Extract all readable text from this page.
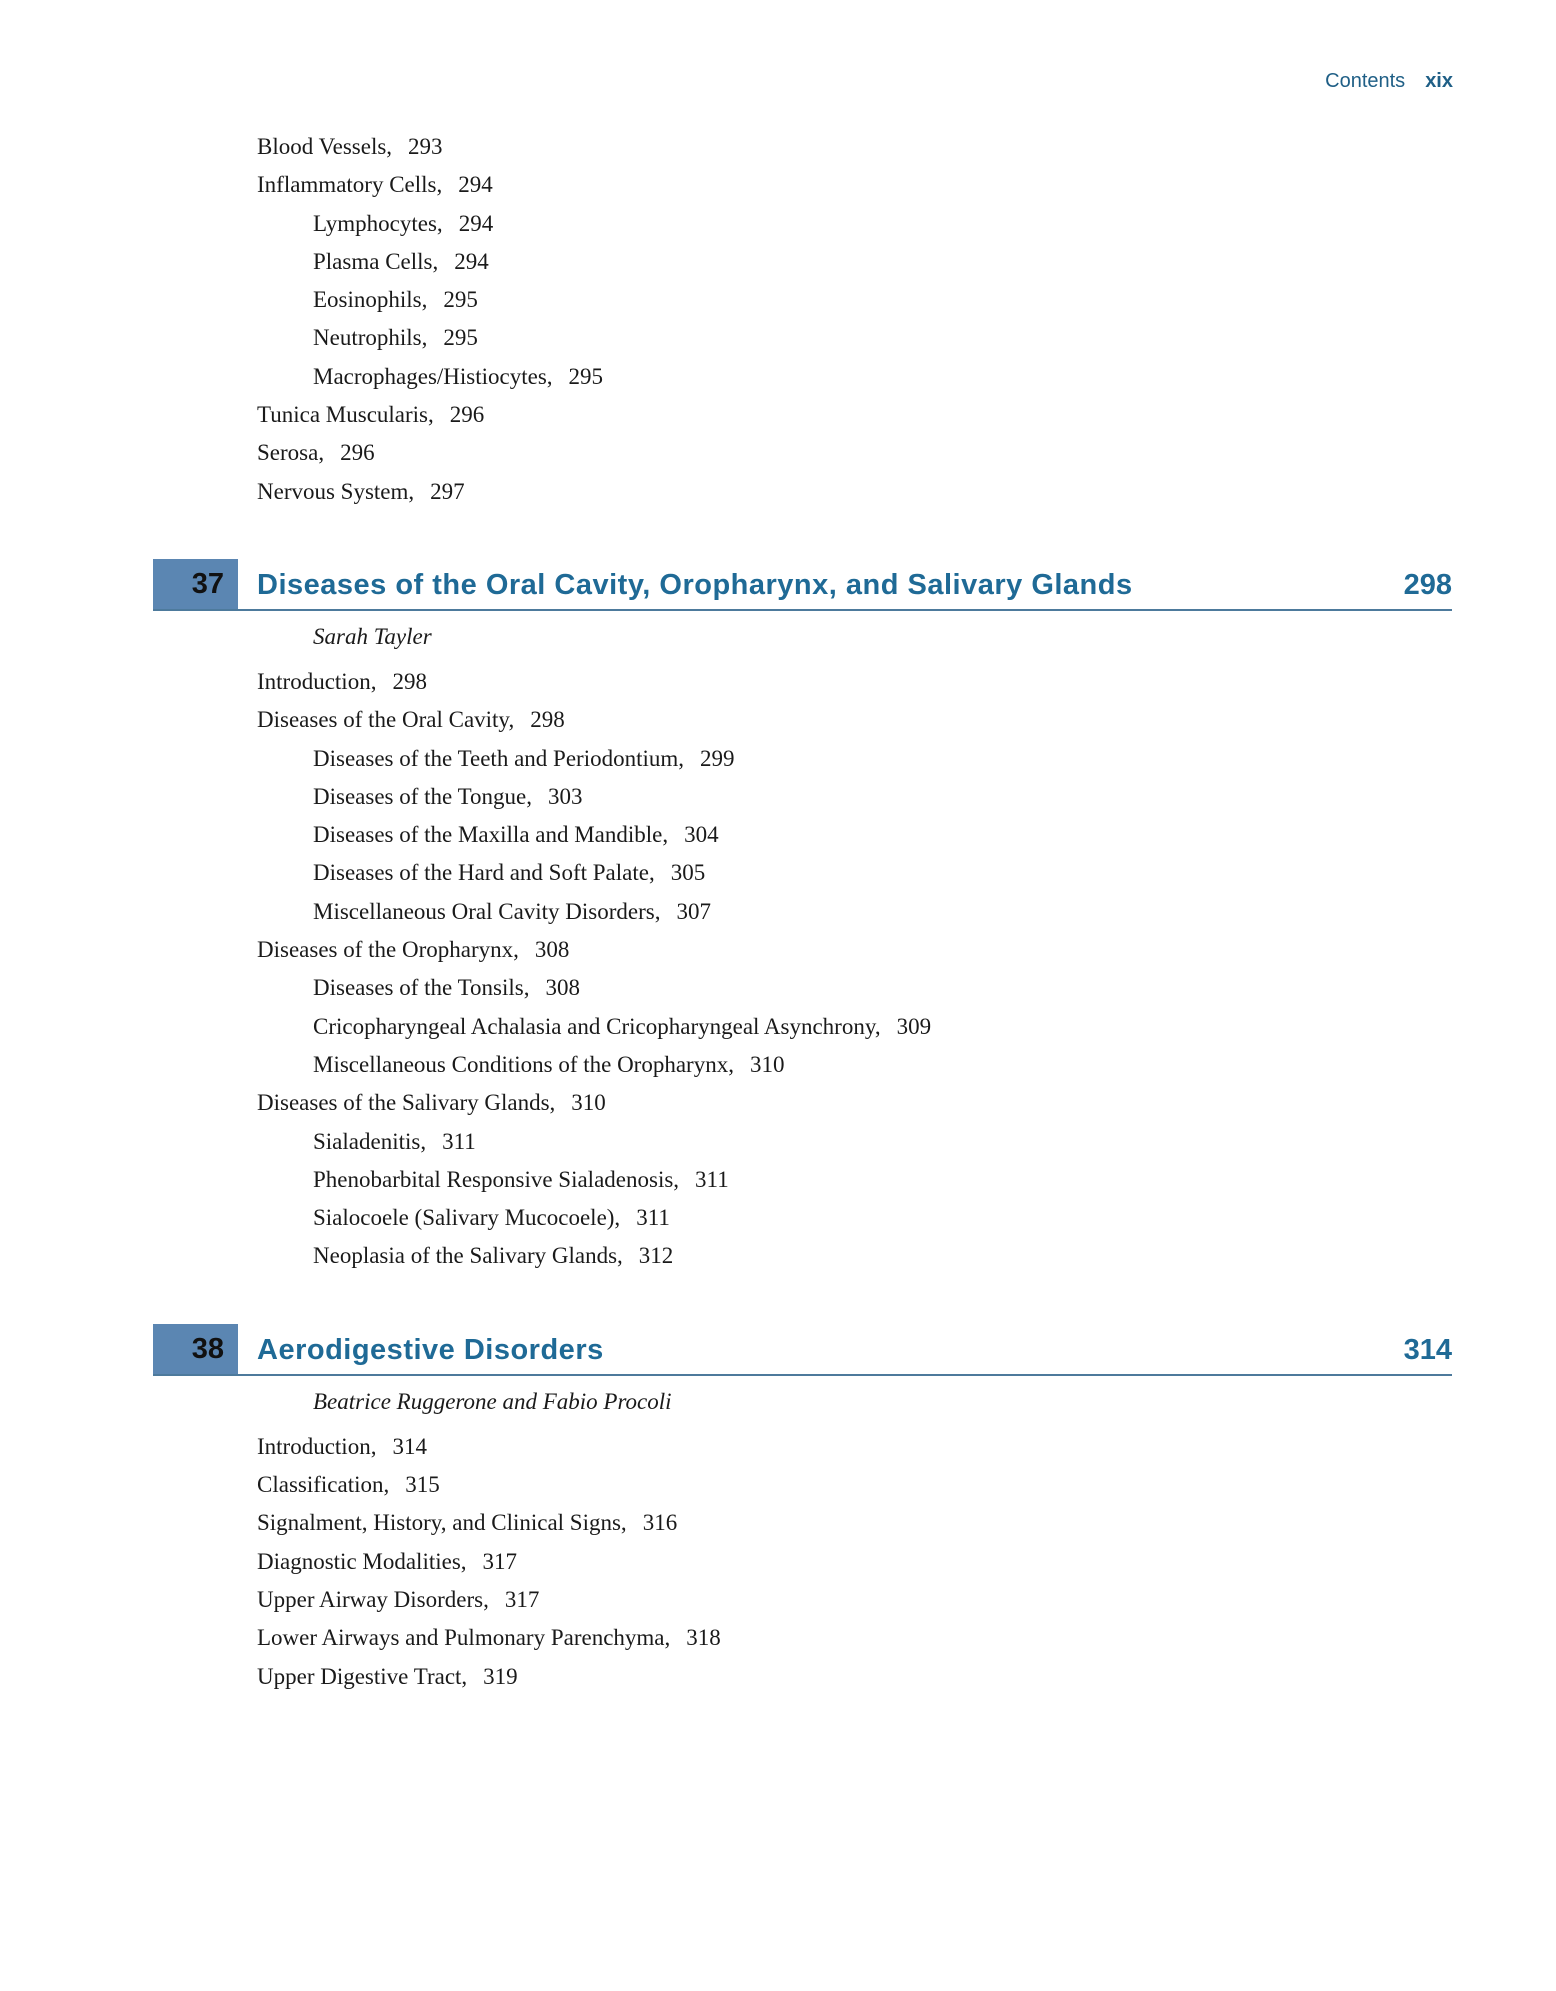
Contents xix
Blood Vessels, 293
Inflammatory Cells, 294
Lymphocytes, 294
Plasma Cells, 294
Eosinophils, 295
Neutrophils, 295
Macrophages/Histiocytes, 295
Tunica Muscularis, 296
Serosa, 296
Nervous System, 297
37	Diseases of the Oral Cavity, Oropharynx, and Salivary Glands	298
Sarah Tayler
Introduction, 298
Diseases of the Oral Cavity, 298
Diseases of the Teeth and Periodontium, 299
Diseases of the Tongue, 303
Diseases of the Maxilla and Mandible, 304
Diseases of the Hard and Soft Palate, 305
Miscellaneous Oral Cavity Disorders, 307
Diseases of the Oropharynx, 308
Diseases of the Tonsils, 308
Cricopharyngeal Achalasia and Cricopharyngeal Asynchrony, 309
Miscellaneous Conditions of the Oropharynx, 310
Diseases of the Salivary Glands, 310
Sialadenitis, 311
Phenobarbital Responsive Sialadenosis, 311
Sialocoele (Salivary Mucocoele), 311
Neoplasia of the Salivary Glands, 312
38	Aerodigestive Disorders	314
Beatrice Ruggerone and Fabio Procoli
Introduction, 314
Classification, 315
Signalment, History, and Clinical Signs, 316
Diagnostic Modalities, 317
Upper Airway Disorders, 317
Lower Airways and Pulmonary Parenchyma, 318
Upper Digestive Tract, 319
